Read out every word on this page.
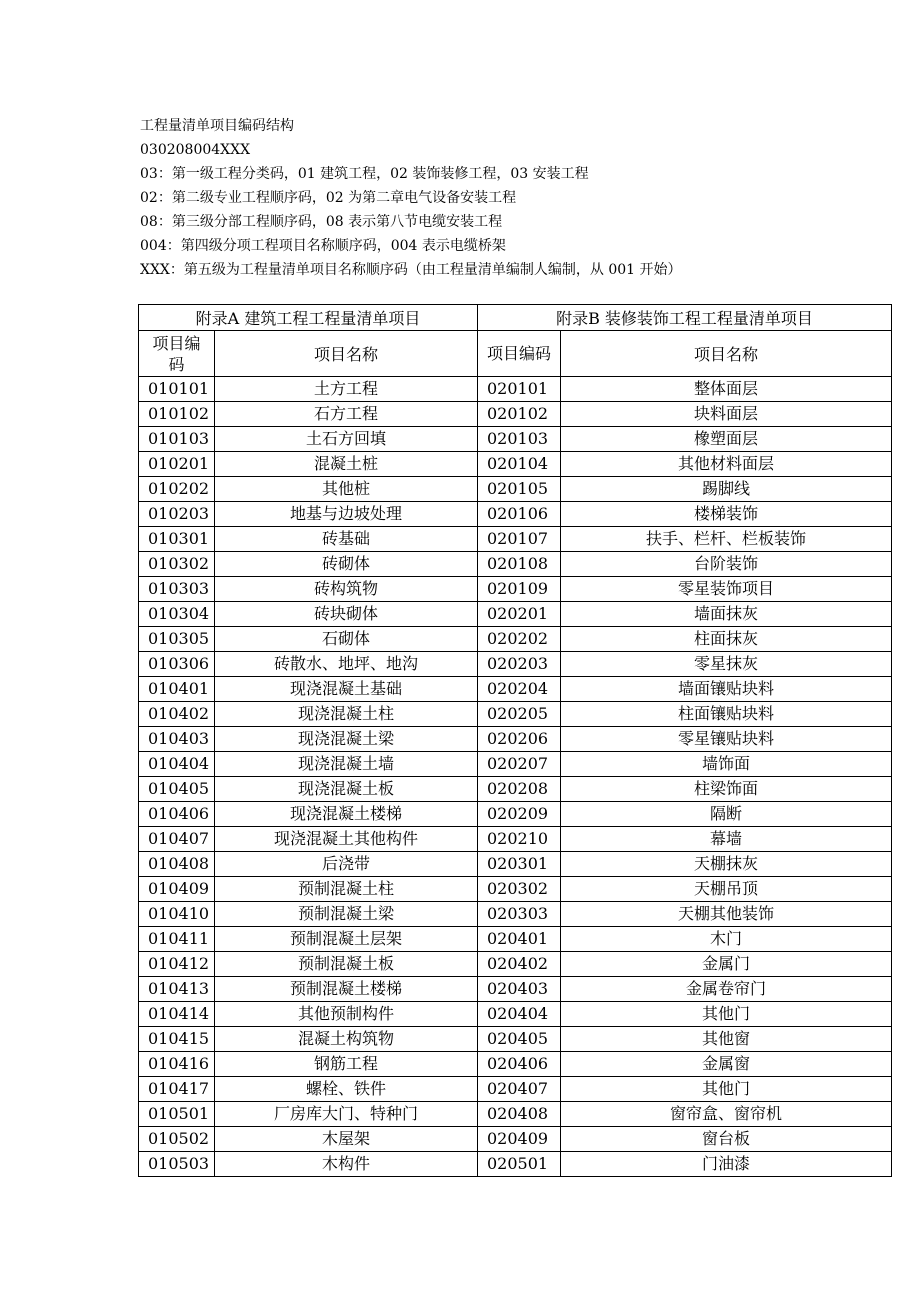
工程量清单项目编码结构
030208004XXX
03：第一级工程分类码，01 建筑工程，02 装饰装修工程，03 安装工程
02：第二级专业工程顺序码，02 为第二章电气设备安装工程
08：第三级分部工程顺序码，08 表示第八节电缆安装工程
004：第四级分项工程项目名称顺序码，004 表示电缆桥架
XXX：第五级为工程量清单项目名称顺序码（由工程量清单编制人编制，从 001 开始）
附录A 建筑工程工程量清单项目		附录B 装修装饰工程工程量清单项目	
项目编码	项目名称	项目编码	项目名称
010101	土方工程	020101	整体面层
010102	石方工程	020102	块料面层
010103	土石方回填	020103	橡塑面层
010201	混凝土桩	020104	其他材料面层
010202	其他桩	020105	踢脚线
010203	地基与边坡处理	020106	楼梯装饰
010301	砖基础	020107	扶手、栏杆、栏板装饰
010302	砖砌体	020108	台阶装饰
010303	砖构筑物	020109	零星装饰项目
010304	砖块砌体	020201	墙面抹灰
010305	石砌体	020202	柱面抹灰
010306	砖散水、地坪、地沟	020203	零星抹灰
010401	现浇混凝土基础	020204	墙面镶贴块料
010402	现浇混凝土柱	020205	柱面镶贴块料
010403	现浇混凝土梁	020206	零星镶贴块料
010404	现浇混凝土墙	020207	墙饰面
010405	现浇混凝土板	020208	柱梁饰面
010406	现浇混凝土楼梯	020209	隔断
010407	现浇混凝土其他构件	020210	幕墙
010408	后浇带	020301	天棚抹灰
010409	预制混凝土柱	020302	天棚吊顶
010410	预制混凝土梁	020303	天棚其他装饰
010411	预制混凝土层架	020401	木门
010412	预制混凝土板	020402	金属门
010413	预制混凝土楼梯	020403	金属卷帘门
010414	其他预制构件	020404	其他门
010415	混凝土构筑物	020405	其他窗
010416	钢筋工程	020406	金属窗
010417	螺栓、铁件	020407	其他门
010501	厂房库大门、特种门	020408	窗帘盒、窗帘机
010502	木屋架	020409	窗台板
010503	木构件	020501	门油漆
